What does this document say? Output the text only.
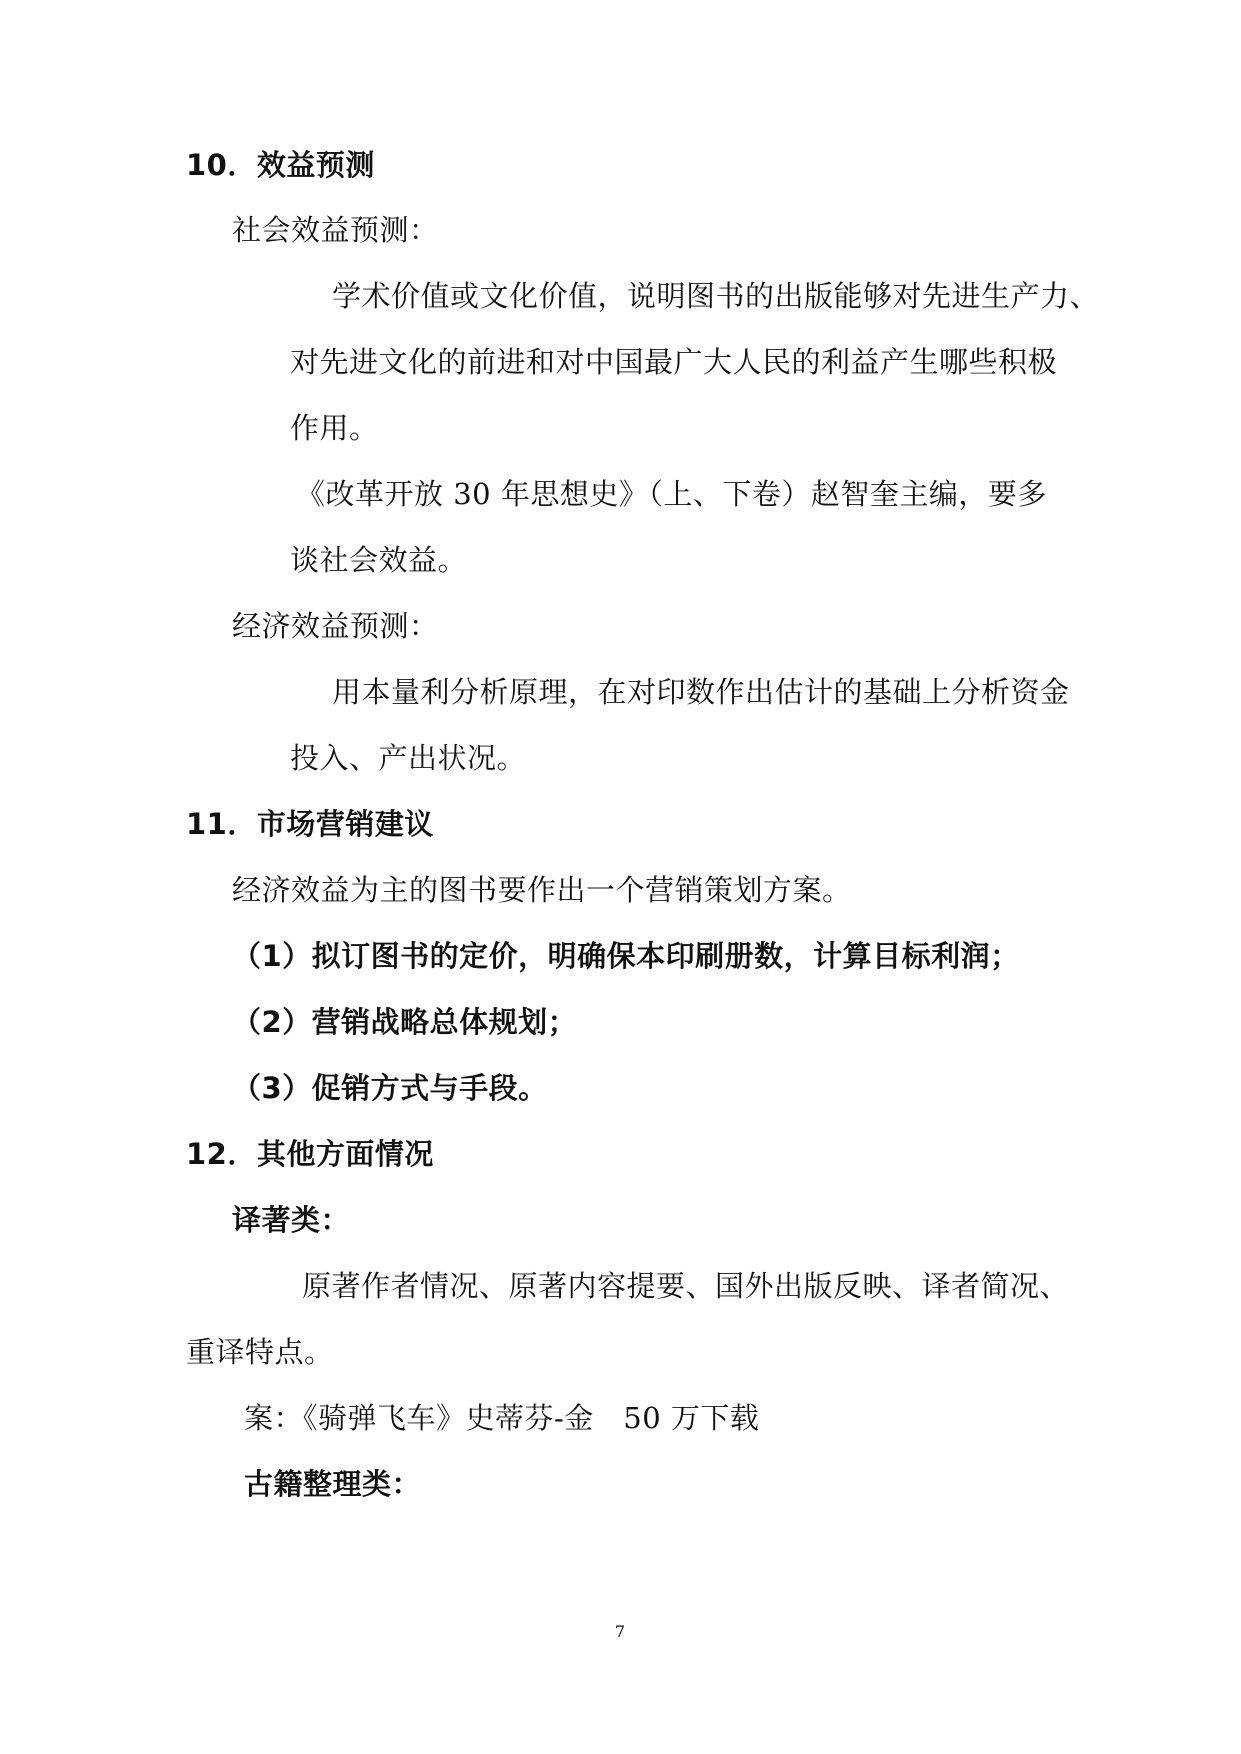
10．效益预测
社会效益预测：
学术价值或文化价值，说明图书的出版能够对先进生产力、
对先进文化的前进和对中国最广大人民的利益产生哪些积极
作用。
《改革开放 30 年思想史》（上、下卷）赵智奎主编，要多
谈社会效益。
经济效益预测：
用本量利分析原理，在对印数作出估计的基础上分析资金
投入、产出状况。
11．市场营销建议
经济效益为主的图书要作出一个营销策划方案。
（1）拟订图书的定价，明确保本印刷册数，计算目标利润；
（2）营销战略总体规划；
（3）促销方式与手段。
12．其他方面情况
译著类：
原著作者情况、原著内容提要、国外出版反映、译者简况、
重译特点。
案：《骑弹飞车》史蒂芬-金　50 万下载
古籍整理类：
7
